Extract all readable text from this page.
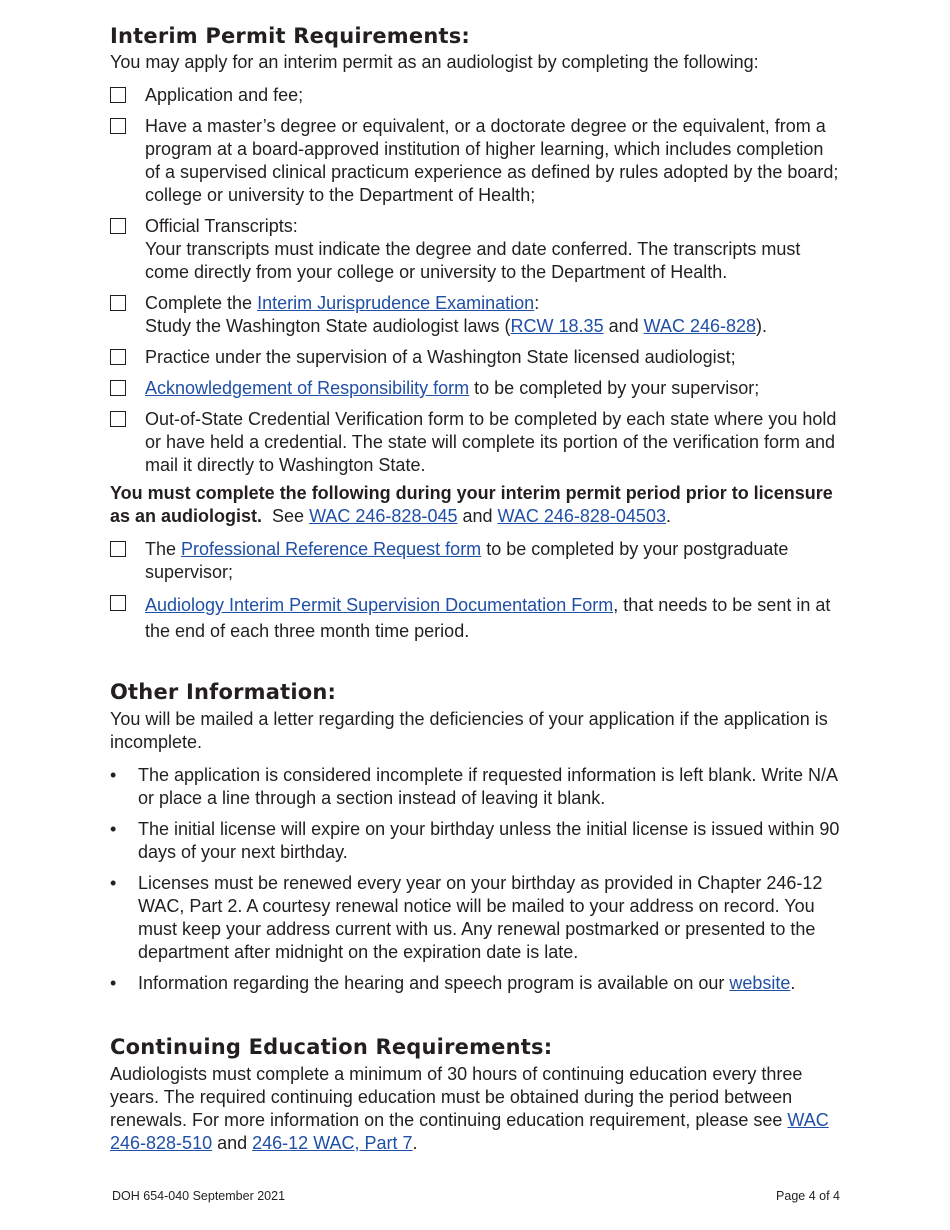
Interim Permit Requirements:

You may apply for an interim permit as an audiologist by completing the following:

Application and fee;
Have a master’s degree or equivalent, or a doctorate degree or the equivalent, from a program at a board-approved institution of higher learning, which includes completion of a supervised clinical practicum experience as defined by rules adopted by the board; college or university to the Department of Health;
Official Transcripts:
Your transcripts must indicate the degree and date conferred. The transcripts must come directly from your college or university to the Department of Health.
Complete the Interim Jurisprudence Examination:
Study the Washington State audiologist laws (RCW 18.35 and WAC 246-828).
Practice under the supervision of a Washington State licensed audiologist;
Acknowledgement of Responsibility form to be completed by your supervisor;
Out-of-State Credential Verification form to be completed by each state where you hold or have held a credential. The state will complete its portion of the verification form and mail it directly to Washington State.

You must complete the following during your interim permit period prior to licensure as an audiologist.  See WAC 246-828-045 and WAC 246-828-04503.

The Professional Reference Request form to be completed by your postgraduate supervisor;
Audiology Interim Permit Supervision Documentation Form, that needs to be sent in at the end of each three month time period.
Other Information:

You will be mailed a letter regarding the deficiencies of your application if the application is incomplete.

•	The application is considered incomplete if requested information is left blank. Write N/A or place a line through a section instead of leaving it blank.
•	The initial license will expire on your birthday unless the initial license is issued within 90 days of your next birthday.
•	Licenses must be renewed every year on your birthday as provided in Chapter 246-12 WAC, Part 2. A courtesy renewal notice will be mailed to your address on record. You must keep your address current with us. Any renewal postmarked or presented to the department after midnight on the expiration date is late.
•	Information regarding the hearing and speech program is available on our website.
Continuing Education Requirements:

Audiologists must complete a minimum of 30 hours of continuing education every three years. The required continuing education must be obtained during the period between renewals. For more information on the continuing education requirement, please see WAC 246-828-510 and 246-12 WAC, Part 7.

DOH 654-040 September 2021	Page 4 of 4
